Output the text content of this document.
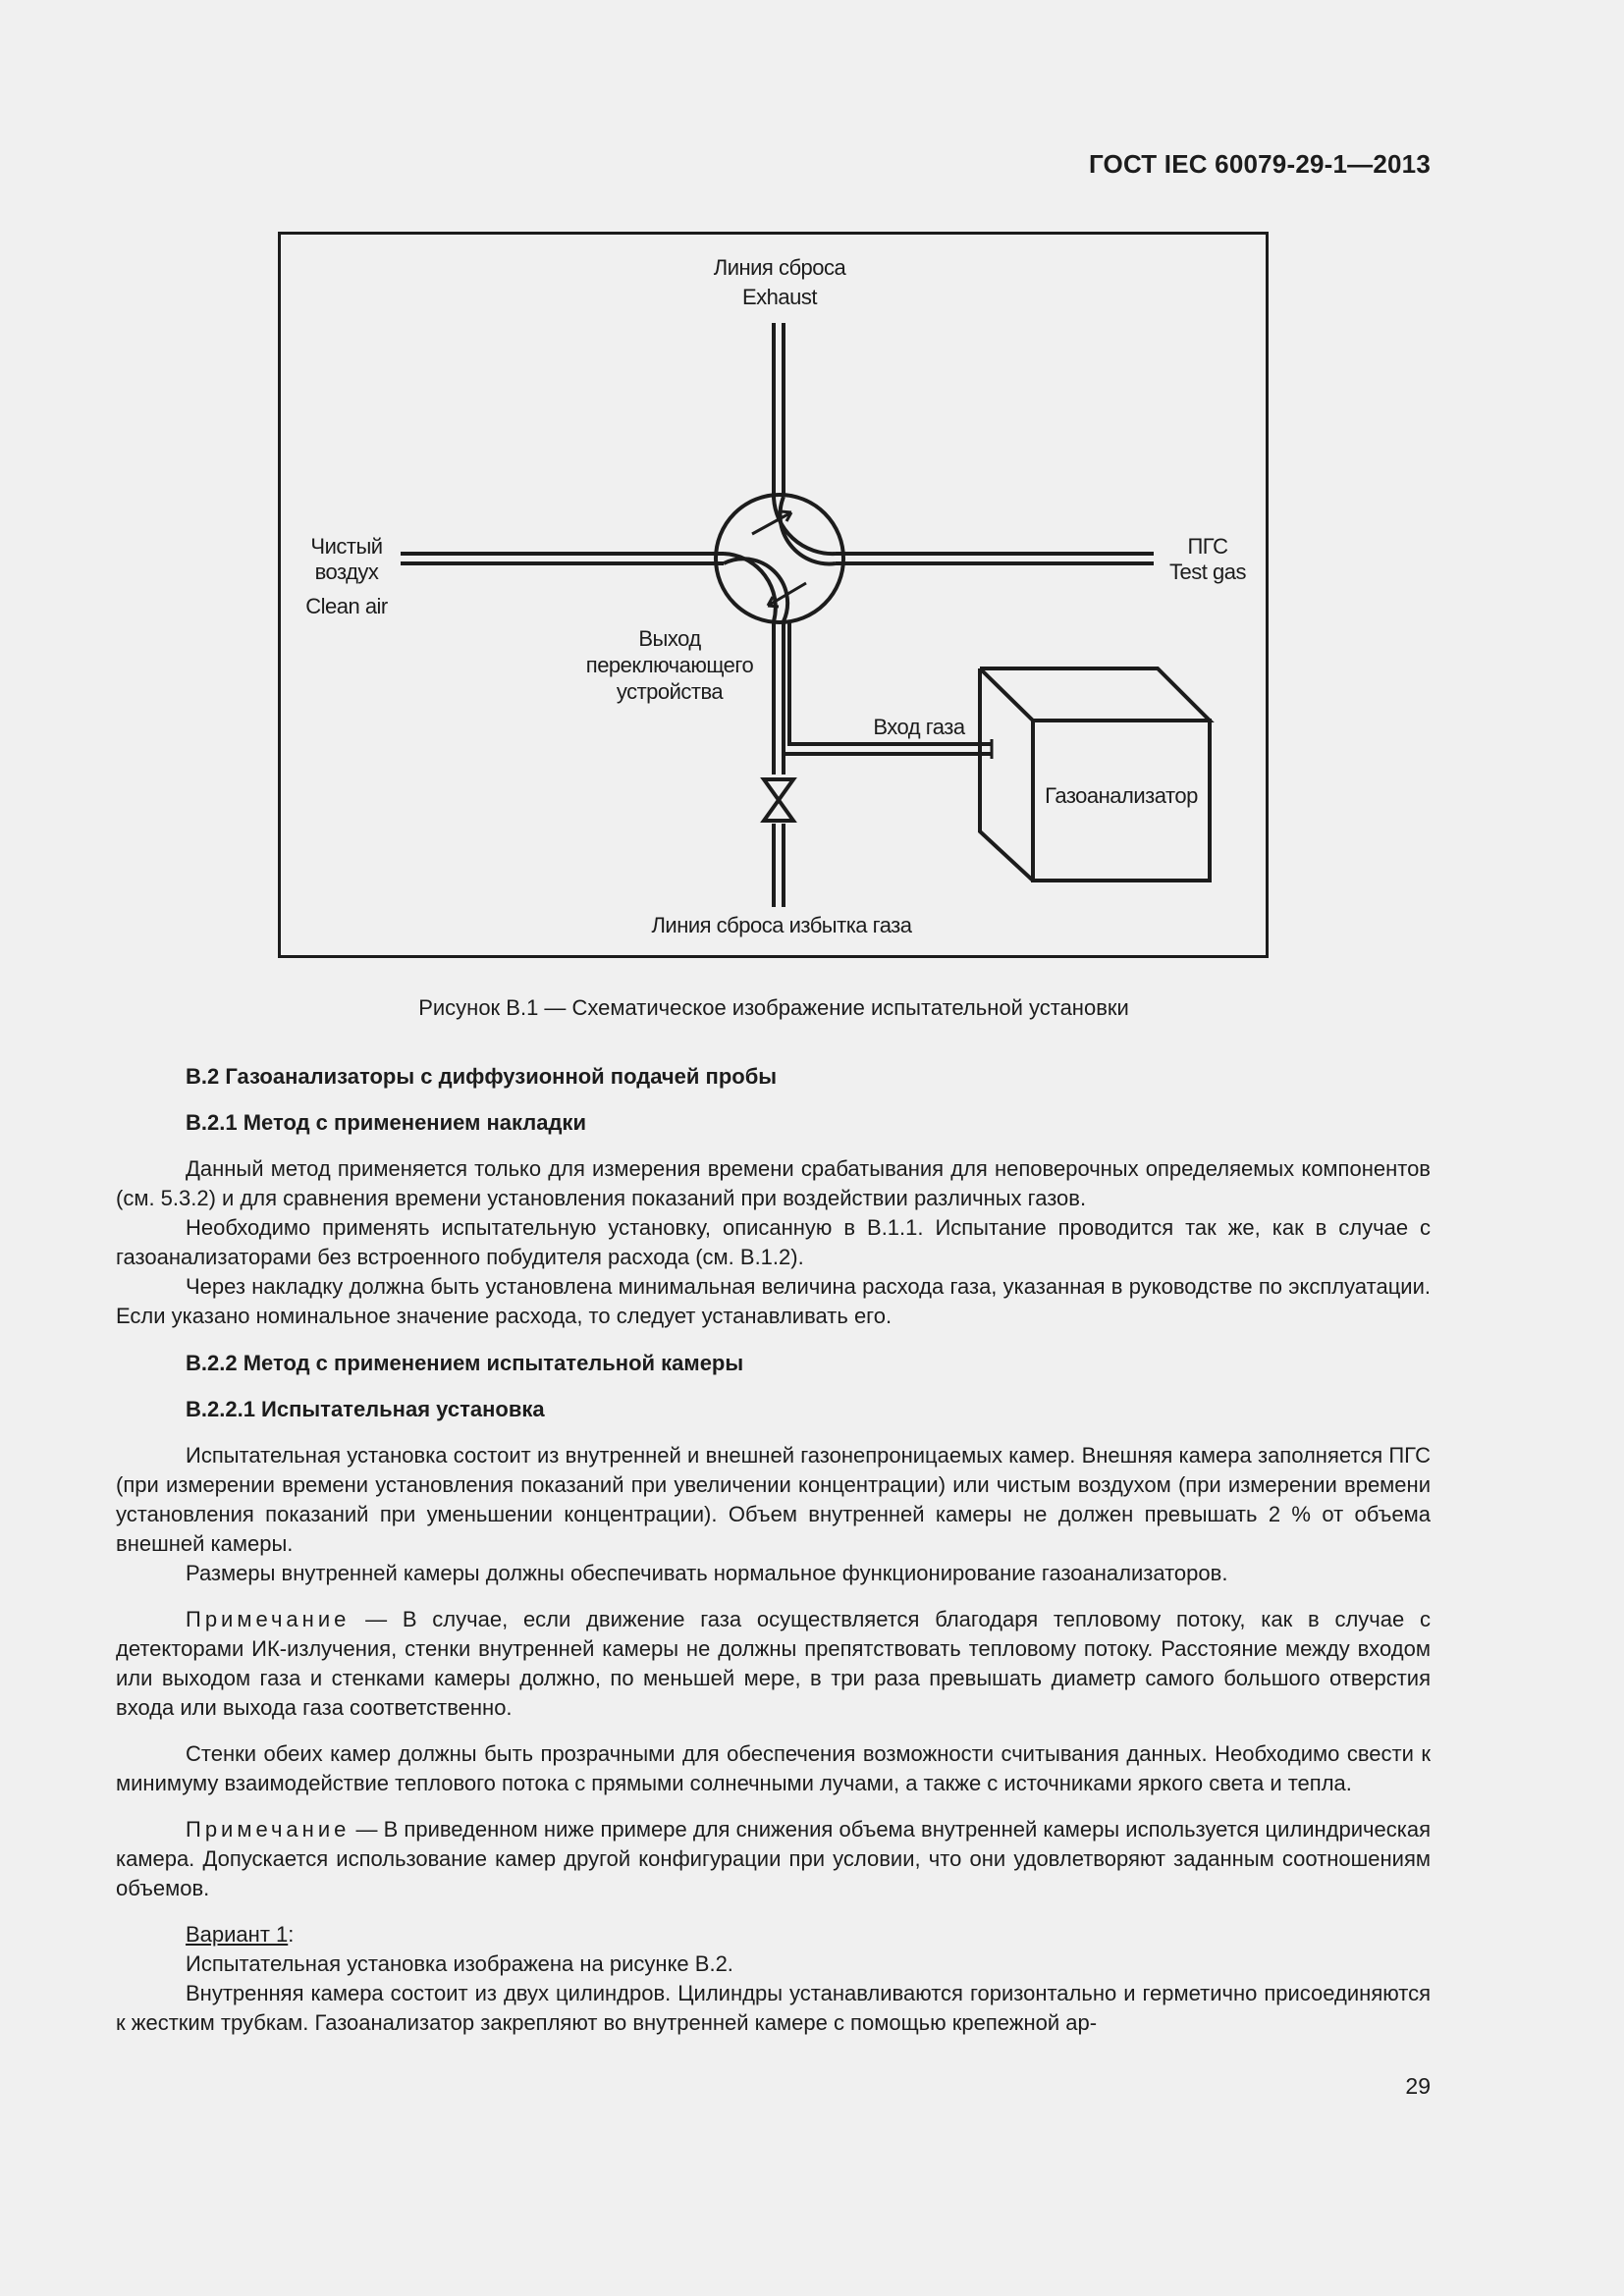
ГОСТ IEC 60079-29-1—2013
Линия сброса
Exhaust
Чистый
воздух
Clean air
ПГС
Test gas
Выход
переключающего
устройства
Вход газа
Газоанализатор
Линия сброса избытка газа
Рисунок В.1 — Схематическое изображение испытательной установки
В.2 Газоанализаторы с диффузионной подачей пробы
В.2.1 Метод с применением накладки

Данный метод применяется только для измерения времени срабатывания для неповерочных определяемых компонентов (см. 5.3.2) и для сравнения времени установления показаний при воздействии различных газов.

Необходимо применять испытательную установку, описанную в В.1.1. Испытание проводится так же, как в случае с газоанализаторами без встроенного побудителя расхода (см. В.1.2).

Через накладку должна быть установлена минимальная величина расхода газа, указанная в руководстве по эксплуатации. Если указано номинальное значение расхода, то следует устанавливать его.

В.2.2 Метод с применением испытательной камеры
В.2.2.1 Испытательная установка

Испытательная установка состоит из внутренней и внешней газонепроницаемых камер. Внешняя камера заполняется ПГС (при измерении времени установления показаний при увеличении концентрации) или чистым воздухом (при измерении времени установления показаний при уменьшении концентрации). Объем внутренней камеры не должен превышать 2 % от объема внешней камеры.

Размеры внутренней камеры должны обеспечивать нормальное функционирование газоанализаторов.

Примечание — В случае, если движение газа осуществляется благодаря тепловому потоку, как в случае с детекторами ИК-излучения, стенки внутренней камеры не должны препятствовать тепловому потоку. Расстояние между входом или выходом газа и стенками камеры должно, по меньшей мере, в три раза превышать диаметр самого большого отверстия входа или выхода газа соответственно.

Стенки обеих камер должны быть прозрачными для обеспечения возможности считывания данных. Необходимо свести к минимуму взаимодействие теплового потока с прямыми солнечными лучами, а также с источниками яркого света и тепла.

Примечание — В приведенном ниже примере для снижения объема внутренней камеры используется цилиндрическая камера. Допускается использование камер другой конфигурации при условии, что они удовлетворяют заданным соотношениям объемов.

Вариант 1:

Испытательная установка изображена на рисунке В.2.

Внутренняя камера состоит из двух цилиндров. Цилиндры устанавливаются горизонтально и герметично присоединяются к жестким трубкам. Газоанализатор закрепляют во внутренней камере с помощью крепежной ар-

29
